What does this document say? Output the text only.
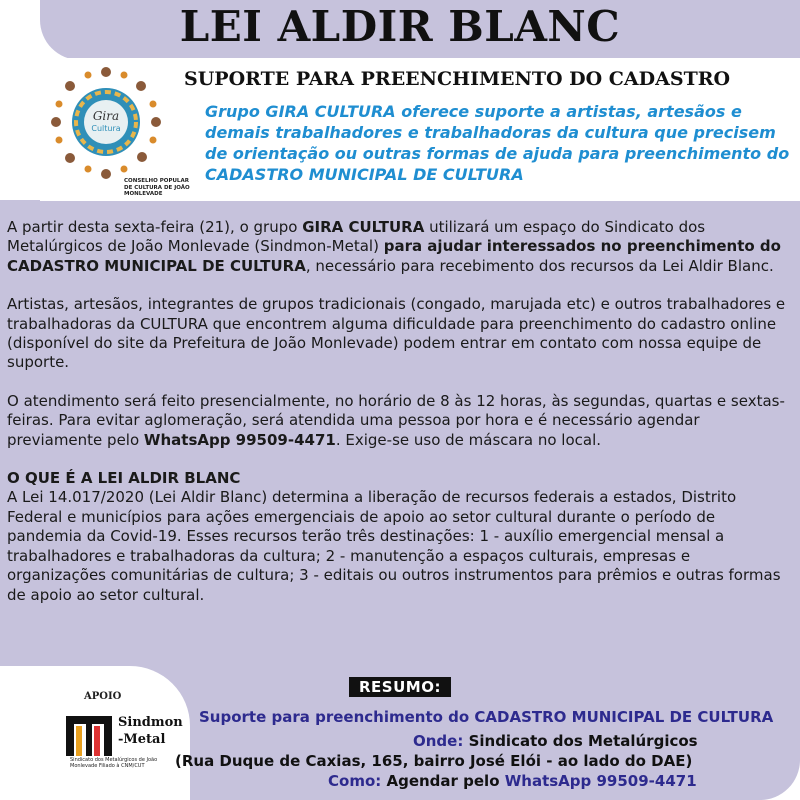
LEI ALDIR BLANC
Gira
Cultura
CONSELHO POPULAR DE CULTURA DE JOÃO MONLEVADE
SUPORTE PARA PREENCHIMENTO DO CADASTRO

Grupo GIRA CULTURA oferece suporte a artistas, artesãos e demais trabalhadores e trabalhadoras da cultura que precisem de orientação ou outras formas de ajuda para preenchimento do CADASTRO MUNICIPAL DE CULTURA

A partir desta sexta-feira (21), o grupo GIRA CULTURA utilizará um espaço do Sindicato dos Metalúrgicos de João Monlevade (Sindmon-Metal) para ajudar interessados no preenchimento do CADASTRO MUNICIPAL DE CULTURA, necessário para recebimento dos recursos da Lei Aldir Blanc.

Artistas, artesãos, integrantes de grupos tradicionais (congado, marujada etc) e outros trabalhadores e trabalhadoras da CULTURA que encontrem alguma dificuldade para preenchimento do cadastro online (disponível do site da Prefeitura de João Monlevade) podem entrar em contato com nossa equipe de suporte.

O atendimento será feito presencialmente, no horário de 8 às 12 horas, às segundas, quartas e sextas-feiras. Para evitar aglomeração, será atendida uma pessoa por hora e é necessário agendar previamente pelo WhatsApp 99509-4471. Exige-se uso de máscara no local.

O QUE É A LEI ALDIR BLANC

A Lei 14.017/2020 (Lei Aldir Blanc) determina a liberação de recursos federais a estados, Distrito Federal e municípios para ações emergenciais de apoio ao setor cultural durante o período de pandemia da Covid-19. Esses recursos terão três destinações: 1 - auxílio emergencial mensal a trabalhadores e trabalhadoras da cultura; 2 - manutenção a espaços culturais, empresas e organizações comunitárias de cultura; 3 - editais ou outros instrumentos para prêmios e outras formas de apoio ao setor cultural.

RESUMO:
APOIO
Sindmon
-Metal
Sindicato dos Metalúrgicos de João Monlevade Filiado à CNM/CUT
Suporte para preenchimento do CADASTRO MUNICIPAL DE CULTURA
Onde: Sindicato dos Metalúrgicos
(Rua Duque de Caxias, 165, bairro José Elói - ao lado do DAE)
Como: Agendar pelo WhatsApp 99509-4471
